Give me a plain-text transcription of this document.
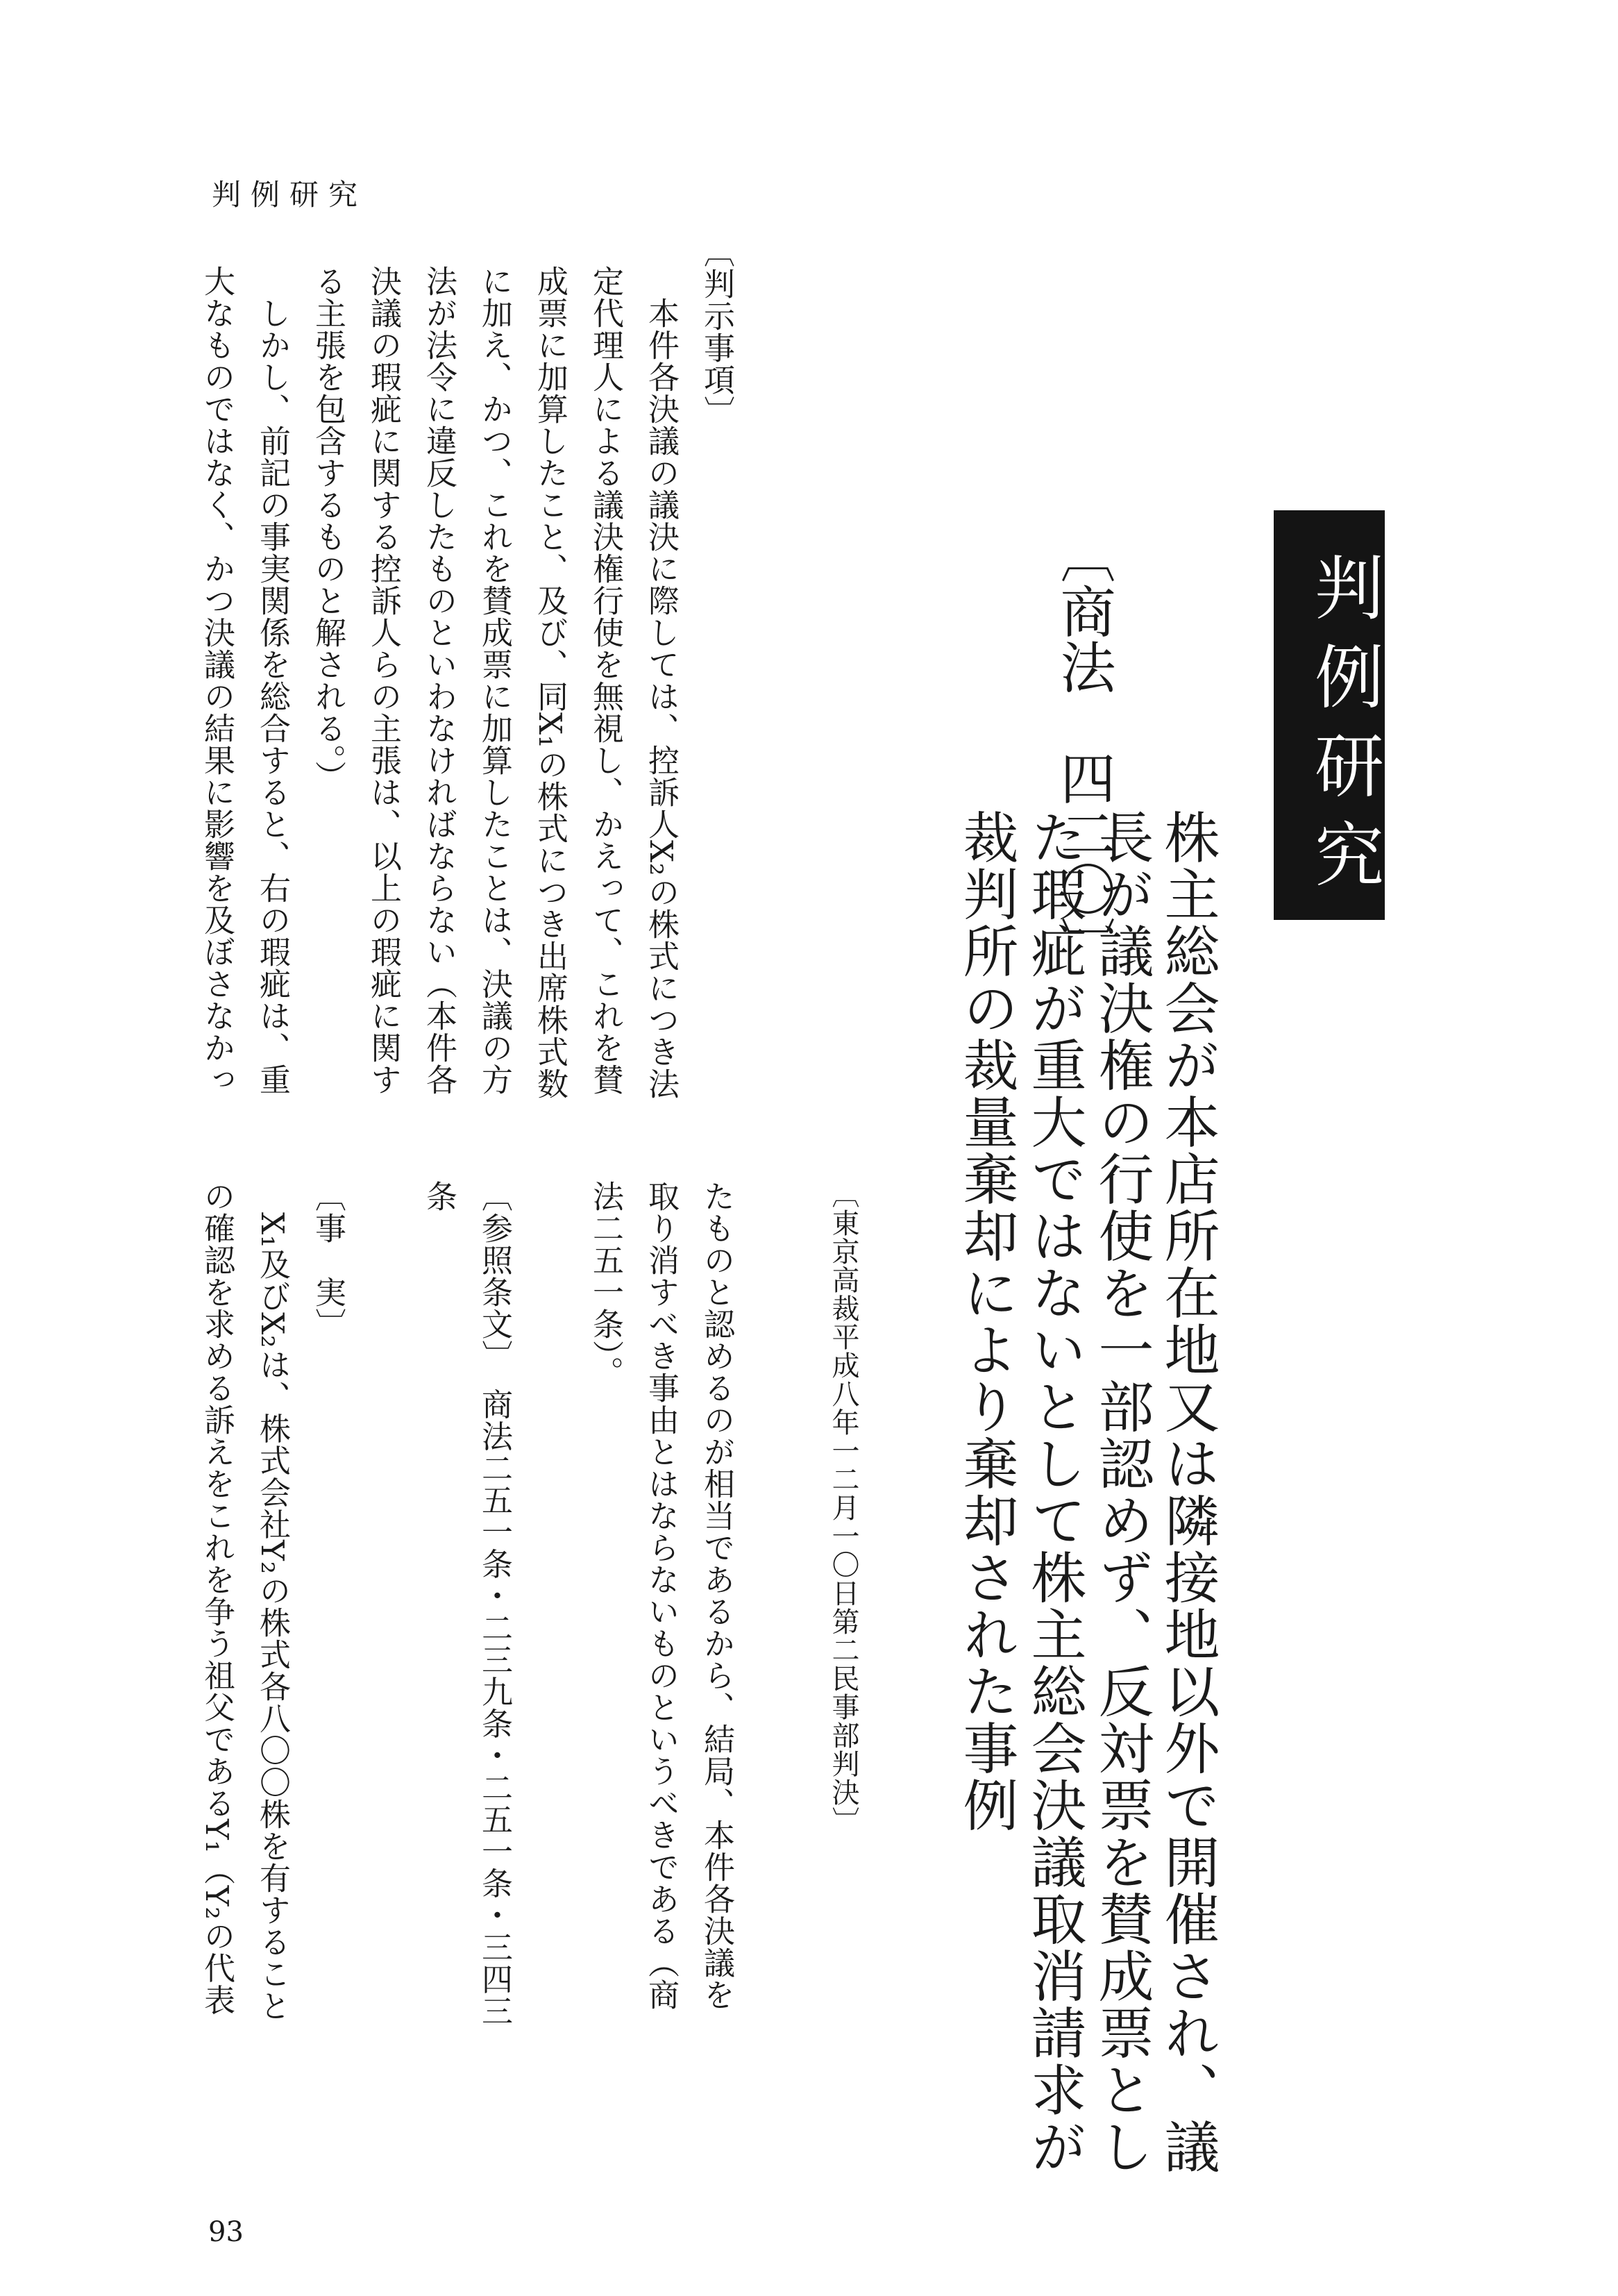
判例研究
判例研究
〔商法　四二〇〕
株主総会が本店所在地又は隣接地以外で開催され、議
長が議決権の行使を一部認めず、反対票を賛成票とし
た瑕疵が重大ではないとして株主総会決議取消請求が
裁判所の裁量棄却により棄却された事例
〔東京高裁平成八年一二月一〇日第二民事部判決〕
〔判示事項〕
　本件各決議の議決に際しては、控訴人X₂の株式につき法
定代理人による議決権行使を無視し、かえって、これを賛
成票に加算したこと、及び、同X₁の株式につき出席株式数
に加え、かつ、これを賛成票に加算したことは、決議の方
法が法令に違反したものといわなければならない（本件各
決議の瑕疵に関する控訴人らの主張は、以上の瑕疵に関す
る主張を包含するものと解される。）
　しかし、前記の事実関係を総合すると、右の瑕疵は、重
大なものではなく、かつ決議の結果に影響を及ぼさなかっ
たものと認めるのが相当であるから、結局、本件各決議を
取り消すべき事由とはならないものというべきである（商
法二五一条）。
〔参照条文〕　商法二五一条・二三九条・二五一条・三四三
条
〔事　実〕
　X₁及びX₂は、株式会社Y₂の株式各八〇〇株を有すること
の確認を求める訴えをこれを争う祖父であるY₁（Y₂の代表
93
